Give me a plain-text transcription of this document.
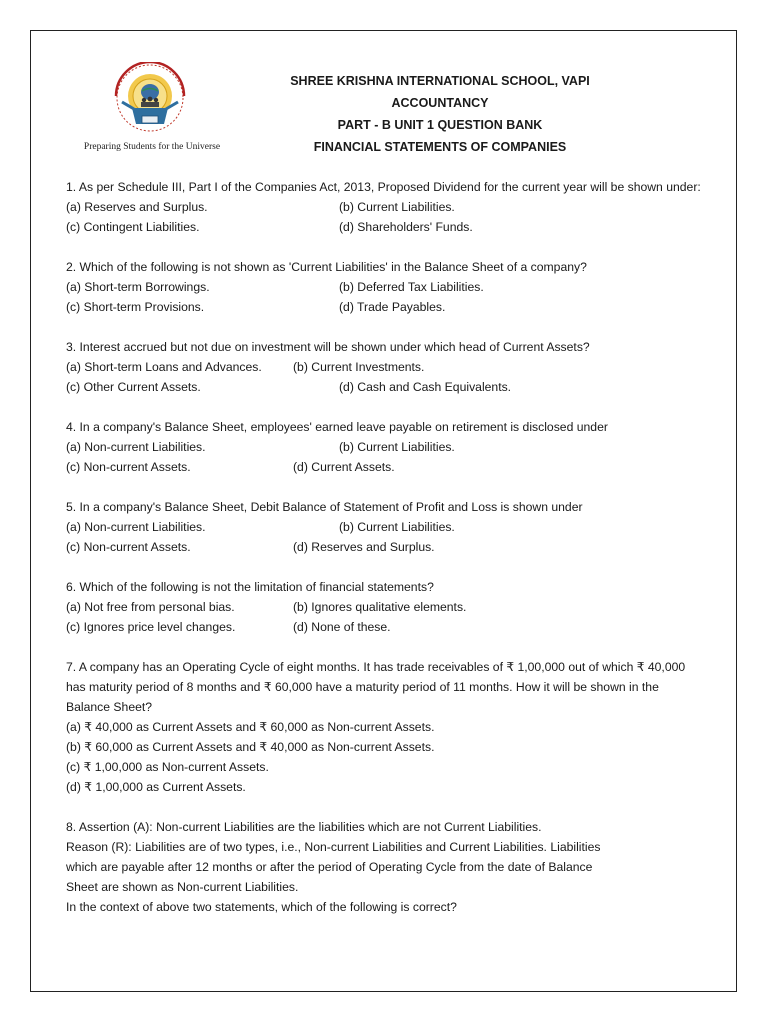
Preparing Students for the Universe
SHREE KRISHNA INTERNATIONAL SCHOOL, VAPI
ACCOUNTANCY
PART - B UNIT 1 QUESTION BANK
FINANCIAL STATEMENTS OF COMPANIES
1. As per Schedule III, Part I of the Companies Act, 2013, Proposed Dividend for the current year will be shown under:
(a) Reserves and Surplus.	(b) Current Liabilities.
(c) Contingent Liabilities.	(d) Shareholders' Funds.
2. Which of the following is not shown as 'Current Liabilities' in the Balance Sheet of a company?
(a) Short-term Borrowings.	(b) Deferred Tax Liabilities.
(c) Short-term Provisions.	(d) Trade Payables.
3. Interest accrued but not due on investment will be shown under which head of Current Assets?
(a) Short-term Loans and Advances.	(b) Current Investments.
(c) Other Current Assets.	(d) Cash and Cash Equivalents.
4. In a company's Balance Sheet, employees' earned leave payable on retirement is disclosed under
(a) Non-current Liabilities.	(b) Current Liabilities.
(c) Non-current Assets.	(d) Current Assets.
5. In a company's Balance Sheet, Debit Balance of Statement of Profit and Loss is shown under
(a) Non-current Liabilities.	(b) Current Liabilities.
(c) Non-current Assets.	(d) Reserves and Surplus.
6. Which of the following is not the limitation of financial statements?
(a) Not free from personal bias.	(b) Ignores qualitative elements.
(c) Ignores price level changes.	(d) None of these.
7. A company has an Operating Cycle of eight months. It has trade receivables of ₹ 1,00,000 out of which ₹ 40,000 has maturity period of 8 months and ₹ 60,000 have a maturity period of 11 months. How it will be shown in the Balance Sheet?
(a) ₹ 40,000 as Current Assets and ₹ 60,000 as Non-current Assets.
(b) ₹ 60,000 as Current Assets and ₹ 40,000 as Non-current Assets.
(c) ₹ 1,00,000 as Non-current Assets.
(d) ₹ 1,00,000 as Current Assets.
8. Assertion (A): Non-current Liabilities are the liabilities which are not Current Liabilities.
Reason (R): Liabilities are of two types, i.e., Non-current Liabilities and Current Liabilities. Liabilities
which are payable after 12 months or after the period of Operating Cycle from the date of Balance
Sheet are shown as Non-current Liabilities.
In the context of above two statements, which of the following is correct?
